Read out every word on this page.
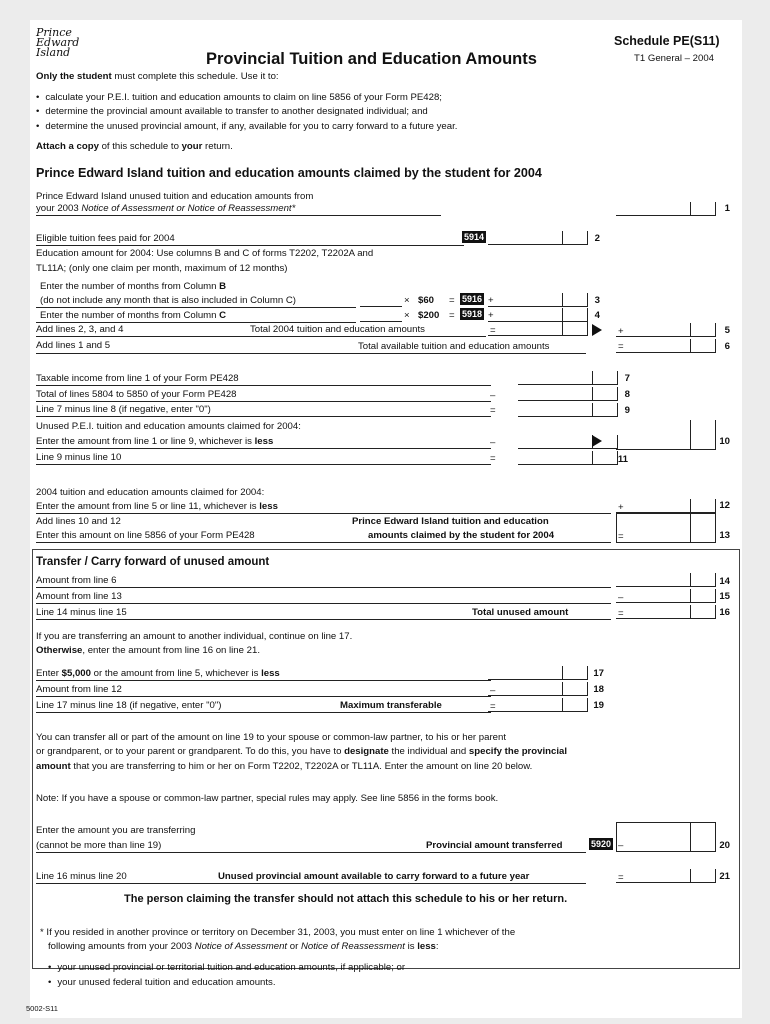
Prince Edward Island	Provincial Tuition and Education Amounts
Schedule PE(S11)
T1 General – 2004
Only the student must complete this schedule. Use it to:
• calculate your P.E.I. tuition and education amounts to claim on line 5856 of your Form PE428;
• determine the provincial amount available to transfer to another designated individual; and
• determine the unused provincial amount, if any, available for you to carry forward to a future year.
Attach a copy of this schedule to your return.
Prince Edward Island tuition and education amounts claimed by the student for 2004
Prince Edward Island unused tuition and education amounts from
your 2003 Notice of Assessment or Notice of Reassessment*	1
Eligible tuition fees paid for 2004	5914	2
Education amount for 2004: Use columns B and C of forms T2202, T2202A and
TL11A; (only one claim per month, maximum of 12 months)
Enter the number of months from Column B
(do not include any month that is also included in Column C)	× $60 = 5916 +	3
Enter the number of months from Column C	× $200 = 5918 +	4
Add lines 2, 3, and 4	Total 2004 tuition and education amounts	=	+	5
Add lines 1 and 5	Total available tuition and education amounts	=	6
Taxable income from line 1 of your Form PE428	7
Total of lines 5804 to 5850 of your Form PE428	–	8
Line 7 minus line 8 (if negative, enter "0")	=	9
Unused P.E.I. tuition and education amounts claimed for 2004:
Enter the amount from line 1 or line 9, whichever is less	–	10
Line 9 minus line 10	=	11
2004 tuition and education amounts claimed for 2004:
Enter the amount from line 5 or line 11, whichever is less	+	12
Add lines 10 and 12
Enter this amount on line 5856 of your Form PE428
Prince Edward Island tuition and education
amounts claimed by the student for 2004	=	13
Transfer / Carry forward of unused amount
Amount from line 6	14
Amount from line 13	–	15
Line 14 minus line 15	Total unused amount	=	16
If you are transferring an amount to another individual, continue on line 17.
Otherwise, enter the amount from line 16 on line 21.
Enter $5,000 or the amount from line 5, whichever is less	17
Amount from line 12	–	18
Line 17 minus line 18 (if negative, enter "0")	Maximum transferable	=	19
You can transfer all or part of the amount on line 19 to your spouse or common-law partner, to his or her parent
or grandparent, or to your parent or grandparent. To do this, you have to designate the individual and specify the provincial
amount that you are transferring to him or her on Form T2202, T2202A or TL11A. Enter the amount on line 20 below.
Note: If you have a spouse or common-law partner, special rules may apply. See line 5856 in the forms book.
Enter the amount you are transferring
(cannot be more than line 19)	Provincial amount transferred	5920 –	20
Line 16 minus line 20	Unused provincial amount available to carry forward to a future year	=	21
The person claiming the transfer should not attach this schedule to his or her return.
* If you resided in another province or territory on December 31, 2003, you must enter on line 1 whichever of the
following amounts from your 2003 Notice of Assessment or Notice of Reassessment is less:
• your unused provincial or territorial tuition and education amounts, if applicable; or
• your unused federal tuition and education amounts.
5002-S11
